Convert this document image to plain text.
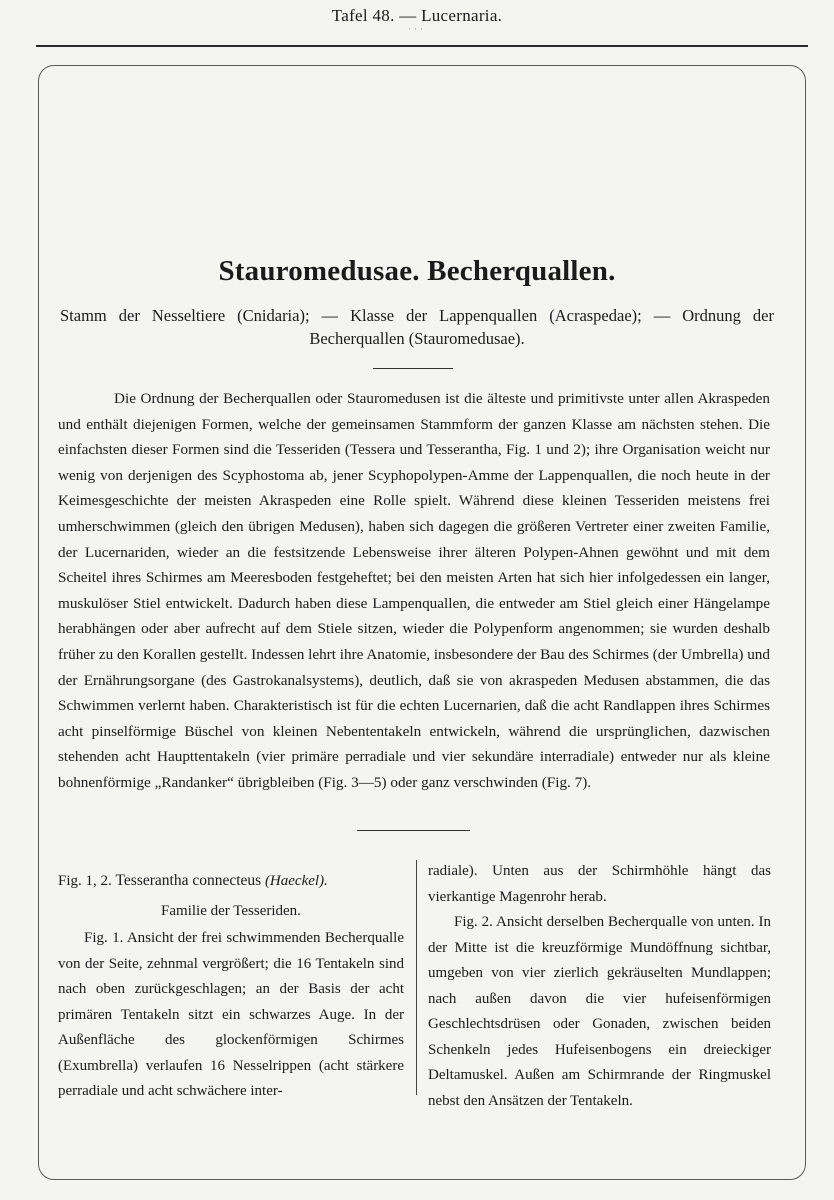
Tafel 48. — Lucernaria.
···
Stauromedusae. Becherquallen.
Stamm der Nesseltiere (Cnidaria); — Klasse der Lappenquallen (Acraspedae); — Ordnung der Becherquallen (Stauromedusae).

Die Ordnung der Becherquallen oder Stauromedusen ist die älteste und primitivste unter allen Akraspeden und enthält diejenigen Formen, welche der gemeinsamen Stammform der ganzen Klasse am nächsten stehen. Die einfachsten dieser Formen sind die Tesseriden (Tessera und Tesserantha, Fig. 1 und 2); ihre Organisation weicht nur wenig von derjenigen des Scyphostoma ab, jener Scyphopolypen-Amme der Lappenquallen, die noch heute in der Keimesgeschichte der meisten Akraspeden eine Rolle spielt. Während diese kleinen Tesseriden meistens frei umherschwimmen (gleich den übrigen Medusen), haben sich dagegen die größeren Vertreter einer zweiten Familie, der Lucernariden, wieder an die festsitzende Lebensweise ihrer älteren Polypen-Ahnen gewöhnt und mit dem Scheitel ihres Schirmes am Meeresboden festgeheftet; bei den meisten Arten hat sich hier infolgedessen ein langer, muskulöser Stiel entwickelt. Dadurch haben diese Lampenquallen, die entweder am Stiel gleich einer Hängelampe herabhängen oder aber aufrecht auf dem Stiele sitzen, wieder die Polypenform angenommen; sie wurden deshalb früher zu den Korallen gestellt. Indessen lehrt ihre Anatomie, insbesondere der Bau des Schirmes (der Umbrella) und der Ernährungsorgane (des Gastrokanalsystems), deutlich, daß sie von akraspeden Medusen abstammen, die das Schwimmen verlernt haben. Charakteristisch ist für die echten Lucernarien, daß die acht Randlappen ihres Schirmes acht pinselförmige Büschel von kleinen Nebententakeln entwickeln, während die ursprünglichen, dazwischen stehenden acht Haupttentakeln (vier primäre perradiale und vier sekundäre interradiale) entweder nur als kleine bohnenförmige „Randanker“ übrigbleiben (Fig. 3—5) oder ganz verschwinden (Fig. 7).

Fig. 1, 2. Tesserantha connecteus (Haeckel).

Familie der Tesseriden.

Fig. 1. Ansicht der frei schwimmenden Becherqualle von der Seite, zehnmal vergrößert; die 16 Tentakeln sind nach oben zurückgeschlagen; an der Basis der acht primären Tentakeln sitzt ein schwarzes Auge. In der Außenfläche des glockenförmigen Schirmes (Exumbrella) verlaufen 16 Nesselrippen (acht stärkere perradiale und acht schwächere inter-

radiale). Unten aus der Schirmhöhle hängt das vierkantige Magenrohr herab.

Fig. 2. Ansicht derselben Becherqualle von unten. In der Mitte ist die kreuzförmige Mundöffnung sichtbar, umgeben von vier zierlich gekräuselten Mundlappen; nach außen davon die vier hufeisenförmigen Geschlechtsdrüsen oder Gonaden, zwischen beiden Schenkeln jedes Hufeisenbogens ein dreieckiger Deltamuskel. Außen am Schirmrande der Ringmuskel nebst den Ansätzen der Tentakeln.
